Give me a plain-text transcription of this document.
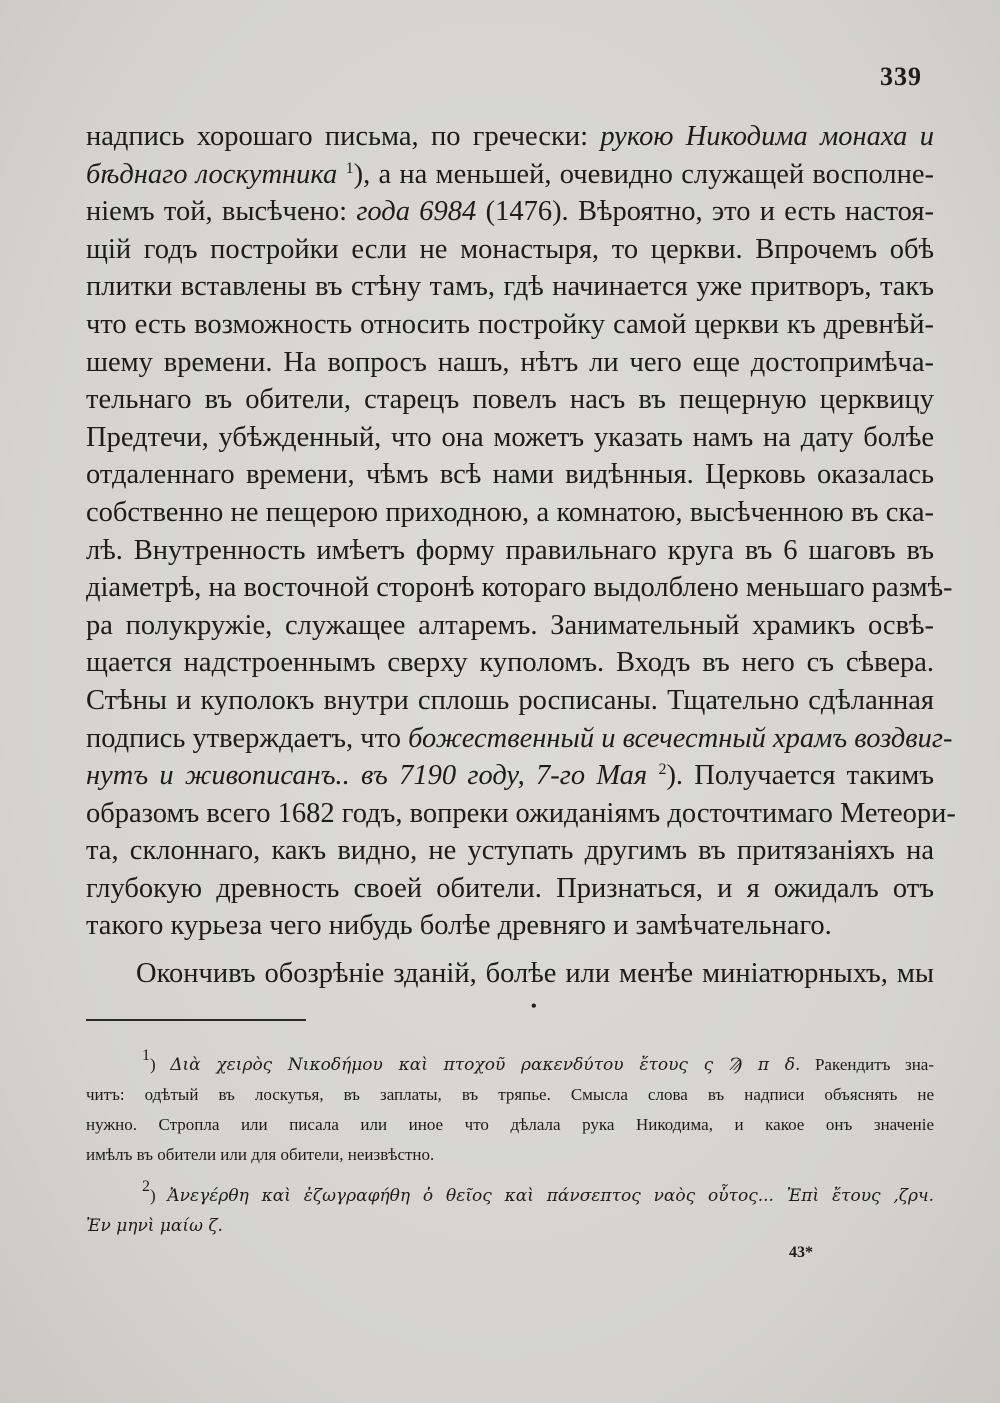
339
надпись хорошаго письма, по гречески: рукою Никодима монаха и
бѣднаго лоскутника $^1$), а на меньшей, очевидно служащей восполне-
ніемъ той, высѣчено: года 6984 (1476). Вѣроятно, это и есть настоя-
щій годъ постройки если не монастыря, то церкви. Впрочемъ обѣ
плитки вставлены въ стѣну тамъ, гдѣ начинается уже притворъ, такъ
что есть возможность относить постройку самой церкви къ древнѣй-
шему времени. На вопросъ нашъ, нѣтъ ли чего еще достопримѣча-
тельнаго въ обители, старецъ повелъ насъ въ пещерную церквицу
Предтечи, убѣжденный, что она можетъ указать намъ на дату болѣе
отдаленнаго времени, чѣмъ всѣ нами видѣнныя. Церковь оказалась
собственно не пещерою приходною, а комнатою, высѣченною въ ска-
лѣ. Внутренность имѣетъ форму правильнаго круга въ 6 шаговъ въ
діаметрѣ, на восточной сторонѣ котораго выдолблено меньшаго размѣ-
ра полукружіе, служащее алтаремъ. Занимательный храмикъ освѣ-
щается надстроеннымъ сверху куполомъ. Входъ въ него съ сѣвера.
Стѣны и куполокъ внутри сплошь росписаны. Тщательно сдѣланная
подпись утверждаетъ, что божественный и всечестный храмъ воздвиг-
нутъ и живописанъ.. въ 7190 году, 7-го Мая $^2$). Получается такимъ
образомъ всего 1682 годъ, вопреки ожиданіямъ досточтимаго Метеори-
та, склоннаго, какъ видно, не уступать другимъ въ притязаніяхъ на
глубокую древность своей обители. Признаться, и я ожидалъ отъ
такого курьеза чего нибудь болѣе древняго и замѣчательнаго.
Окончивъ обозрѣніе зданій, болѣе или менѣе миніатюрныхъ, мы
•
$^1$) Διὰ χειρὸς Νικοδήμου καὶ πτοχοῦ ρακενδύτου ἔτους ς Ϡ π δ. Ракендитъ зна-
читъ: одѣтый въ лоскутья, въ заплаты, въ тряпье. Смысла слова въ надписи объяснять не
нужно. Стропла или писала или иное что дѣлала рука Никодима, и какое онъ значеніе
имѣлъ въ обители или для обители, неизвѣстно.
$^2$) Ἀνεγέρθη καὶ ἐζωγραφήθη ὁ θεῖος καὶ πάνσεπτος ναὸς οὗτος... Ἐπὶ ἔτους ,ζρч.
Ἐν μηνὶ μαίω ζ.
43*
